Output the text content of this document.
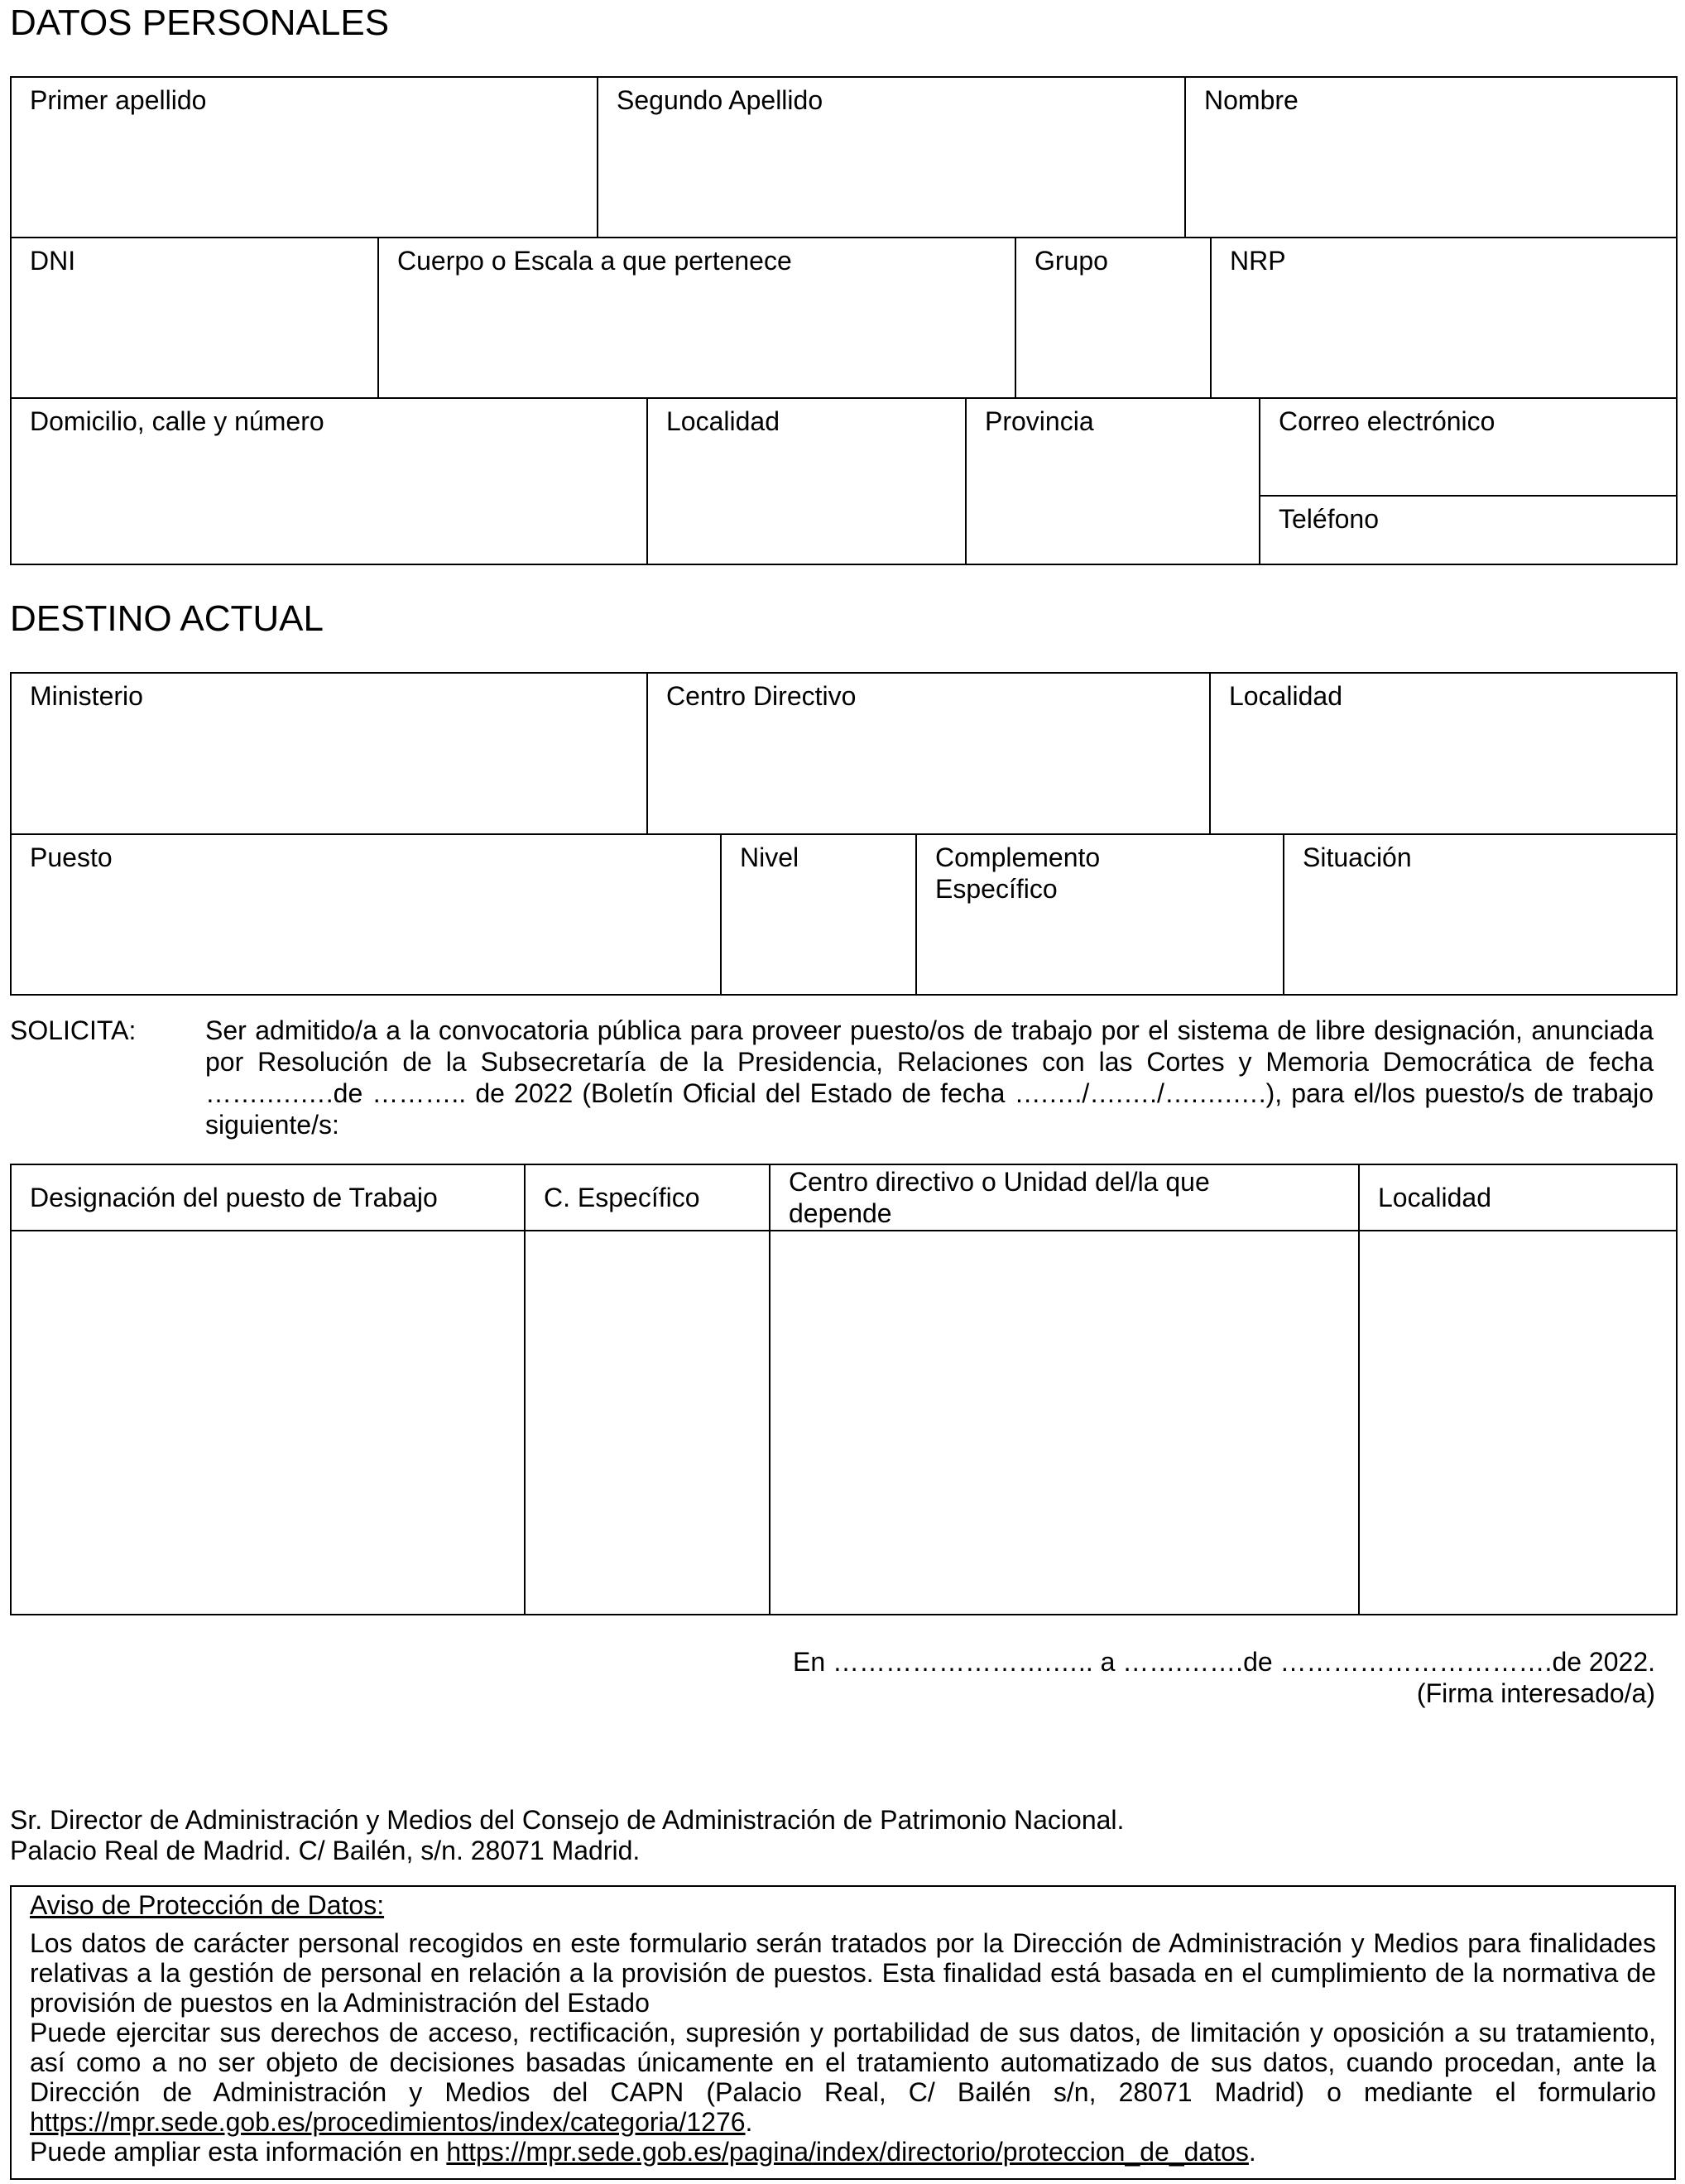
DATOS PERSONALES
Primer apellido	Segundo Apellido	Nombre
DNI	Cuerpo o Escala a que pertenece	Grupo	NRP
Domicilio, calle y número	Localidad	Provincia	Correo electrónico
Teléfono
DESTINO ACTUAL
Ministerio	Centro Directivo	Localidad
Puesto	Nivel	Complemento Específico	Situación
SOLICITA:	Ser admitido/a a la convocatoria pública para proveer puesto/os de trabajo por el sistema de libre designación, anunciada por Resolución de la Subsecretaría de la Presidencia, Relaciones con las Cortes y Memoria Democrática de fecha …….….….de ……….. de 2022 (Boletín Oficial del Estado de fecha ….…./….…./….….….), para el/los puesto/s de trabajo siguiente/s:
Designación del puesto de Trabajo	C. Específico	Centro directivo o Unidad del/la que depende	Localidad

En …………………….….. a …….…….de ………………………….de 2022.
(Firma interesado/a)
Sr. Director de Administración y Medios del Consejo de Administración de Patrimonio Nacional.
Palacio Real de Madrid. C/ Bailén, s/n. 28071 Madrid.

Aviso de Protección de Datos:

Los datos de carácter personal recogidos en este formulario serán tratados por la Dirección de Administración y Medios para finalidades relativas a la gestión de personal en relación a la provisión de puestos. Esta finalidad está basada en el cumplimiento de la normativa de provisión de puestos en la Administración del Estado

Puede ejercitar sus derechos de acceso, rectificación, supresión y portabilidad de sus datos, de limitación y oposición a su tratamiento, así como a no ser objeto de decisiones basadas únicamente en el tratamiento automatizado de sus datos, cuando procedan, ante la Dirección de Administración y Medios del CAPN (Palacio Real, C/ Bailén s/n, 28071 Madrid) o mediante el formulario https://mpr.sede.gob.es/procedimientos/index/categoria/1276.

Puede ampliar esta información en https://mpr.sede.gob.es/pagina/index/directorio/proteccion_de_datos.
